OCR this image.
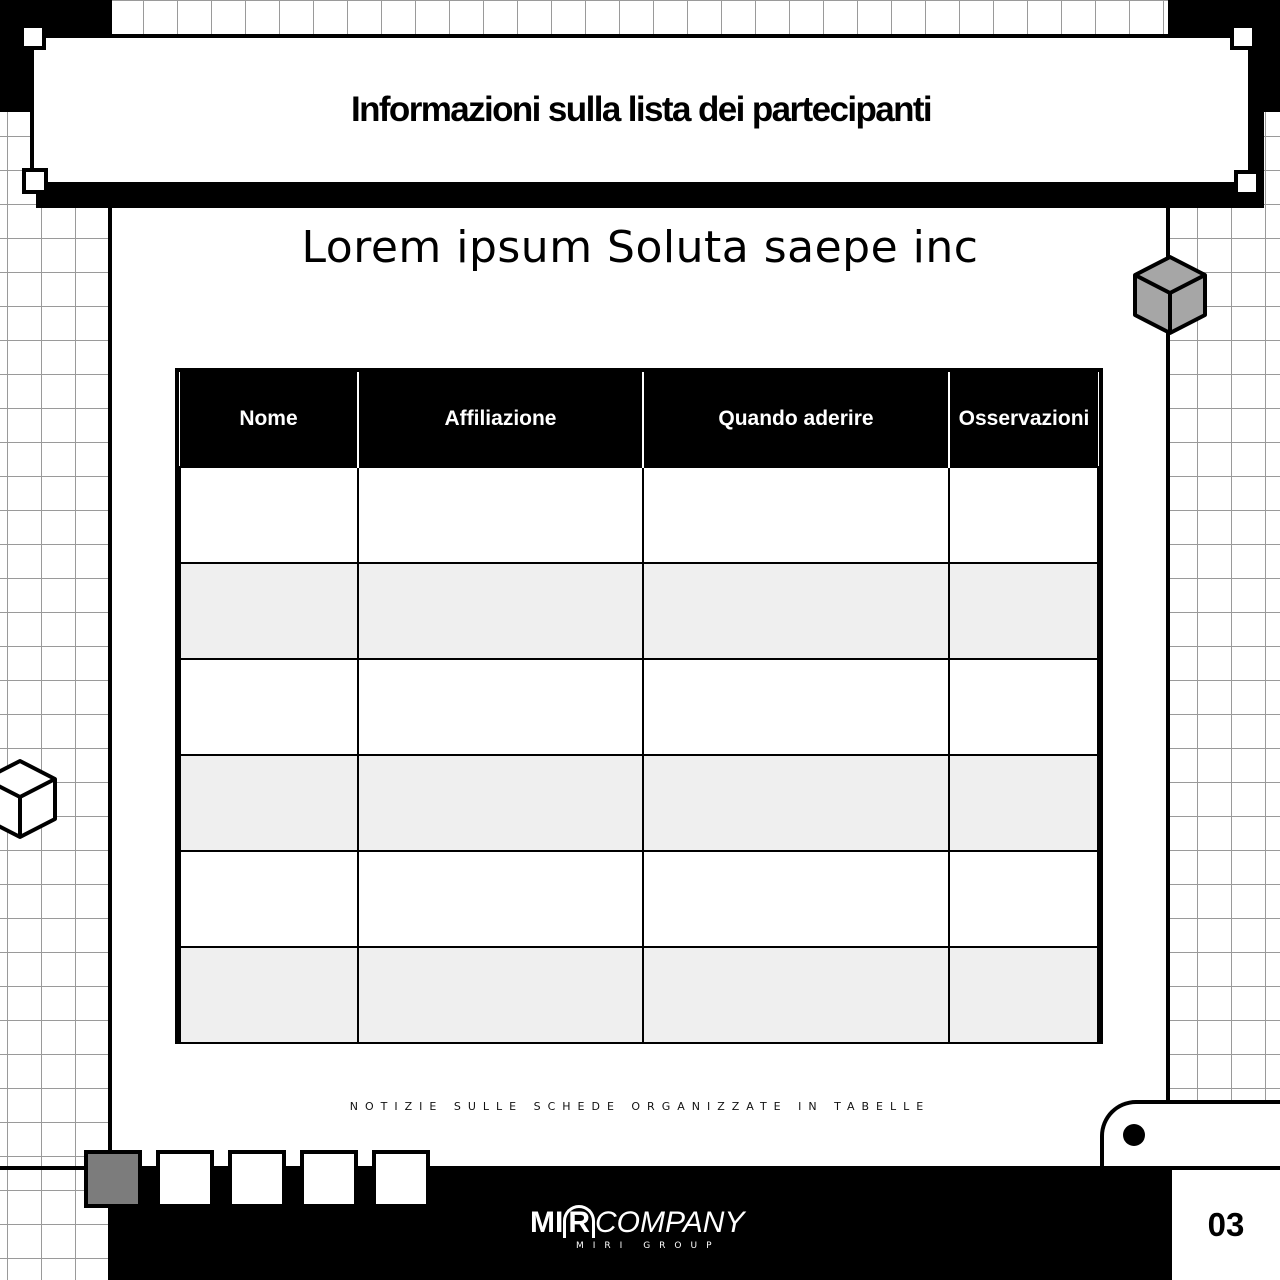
Informazioni sulla lista dei partecipanti
Lorem ipsum Soluta saepe inc
Nome	Affiliazione	Quando aderire	Osservazioni

NOTIZIE SULLE SCHEDE ORGANIZZATE IN TABELLE
MI R COMPANY
MIRI GROUP
03
